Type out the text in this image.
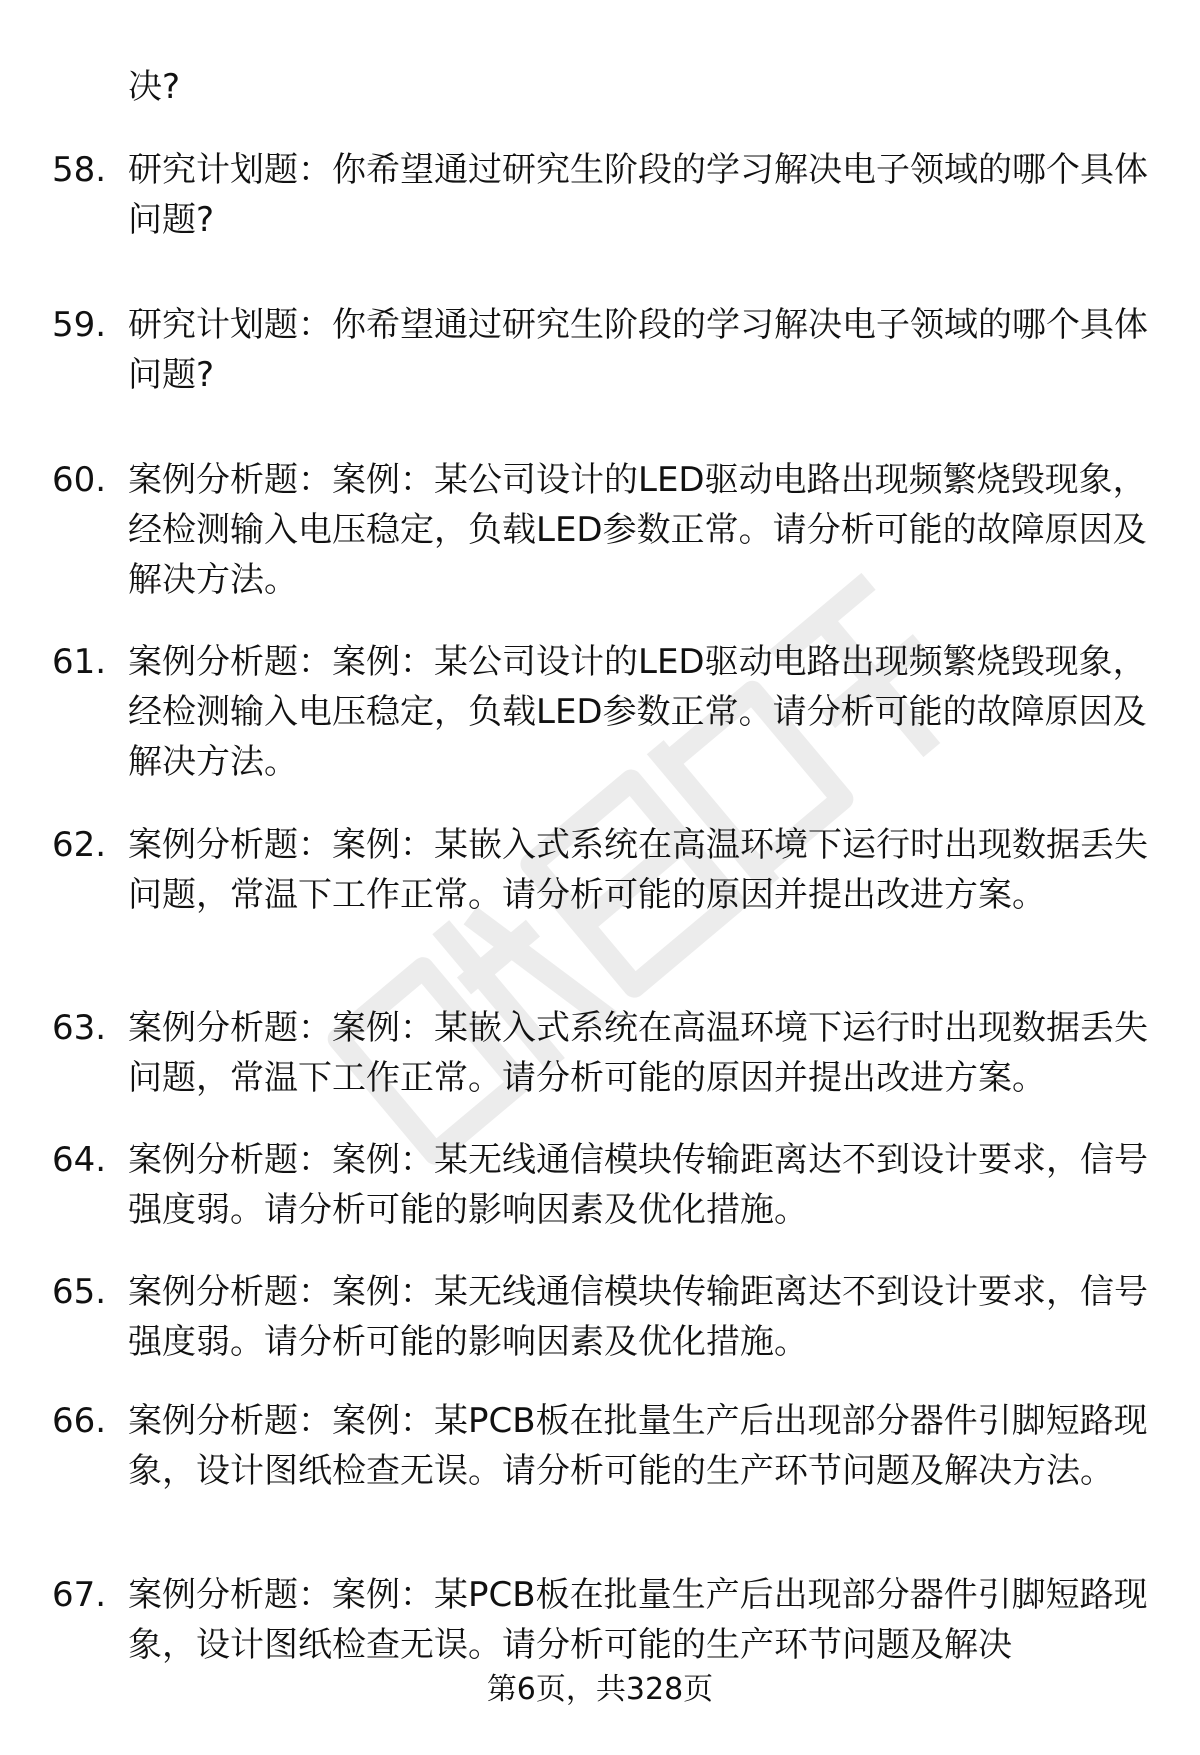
决?
58. 研究计划题：你希望通过研究生阶段的学习解决电子领域的哪个具体问题?
59. 研究计划题：你希望通过研究生阶段的学习解决电子领域的哪个具体问题?
60. 案例分析题：案例：某公司设计的LED驱动电路出现频繁烧毁现象，经检测输入电压稳定，负载LED参数正常。请分析可能的故障原因及解决方法。
61. 案例分析题：案例：某公司设计的LED驱动电路出现频繁烧毁现象，经检测输入电压稳定，负载LED参数正常。请分析可能的故障原因及解决方法。
62. 案例分析题：案例：某嵌入式系统在高温环境下运行时出现数据丢失问题，常温下工作正常。请分析可能的原因并提出改进方案。
63. 案例分析题：案例：某嵌入式系统在高温环境下运行时出现数据丢失问题，常温下工作正常。请分析可能的原因并提出改进方案。
64. 案例分析题：案例：某无线通信模块传输距离达不到设计要求，信号强度弱。请分析可能的影响因素及优化措施。
65. 案例分析题：案例：某无线通信模块传输距离达不到设计要求，信号强度弱。请分析可能的影响因素及优化措施。
66. 案例分析题：案例：某PCB板在批量生产后出现部分器件引脚短路现象，设计图纸检查无误。请分析可能的生产环节问题及解决方法。
67. 案例分析题：案例：某PCB板在批量生产后出现部分器件引脚短路现象，设计图纸检查无误。请分析可能的生产环节问题及解决
第6页，共328页
